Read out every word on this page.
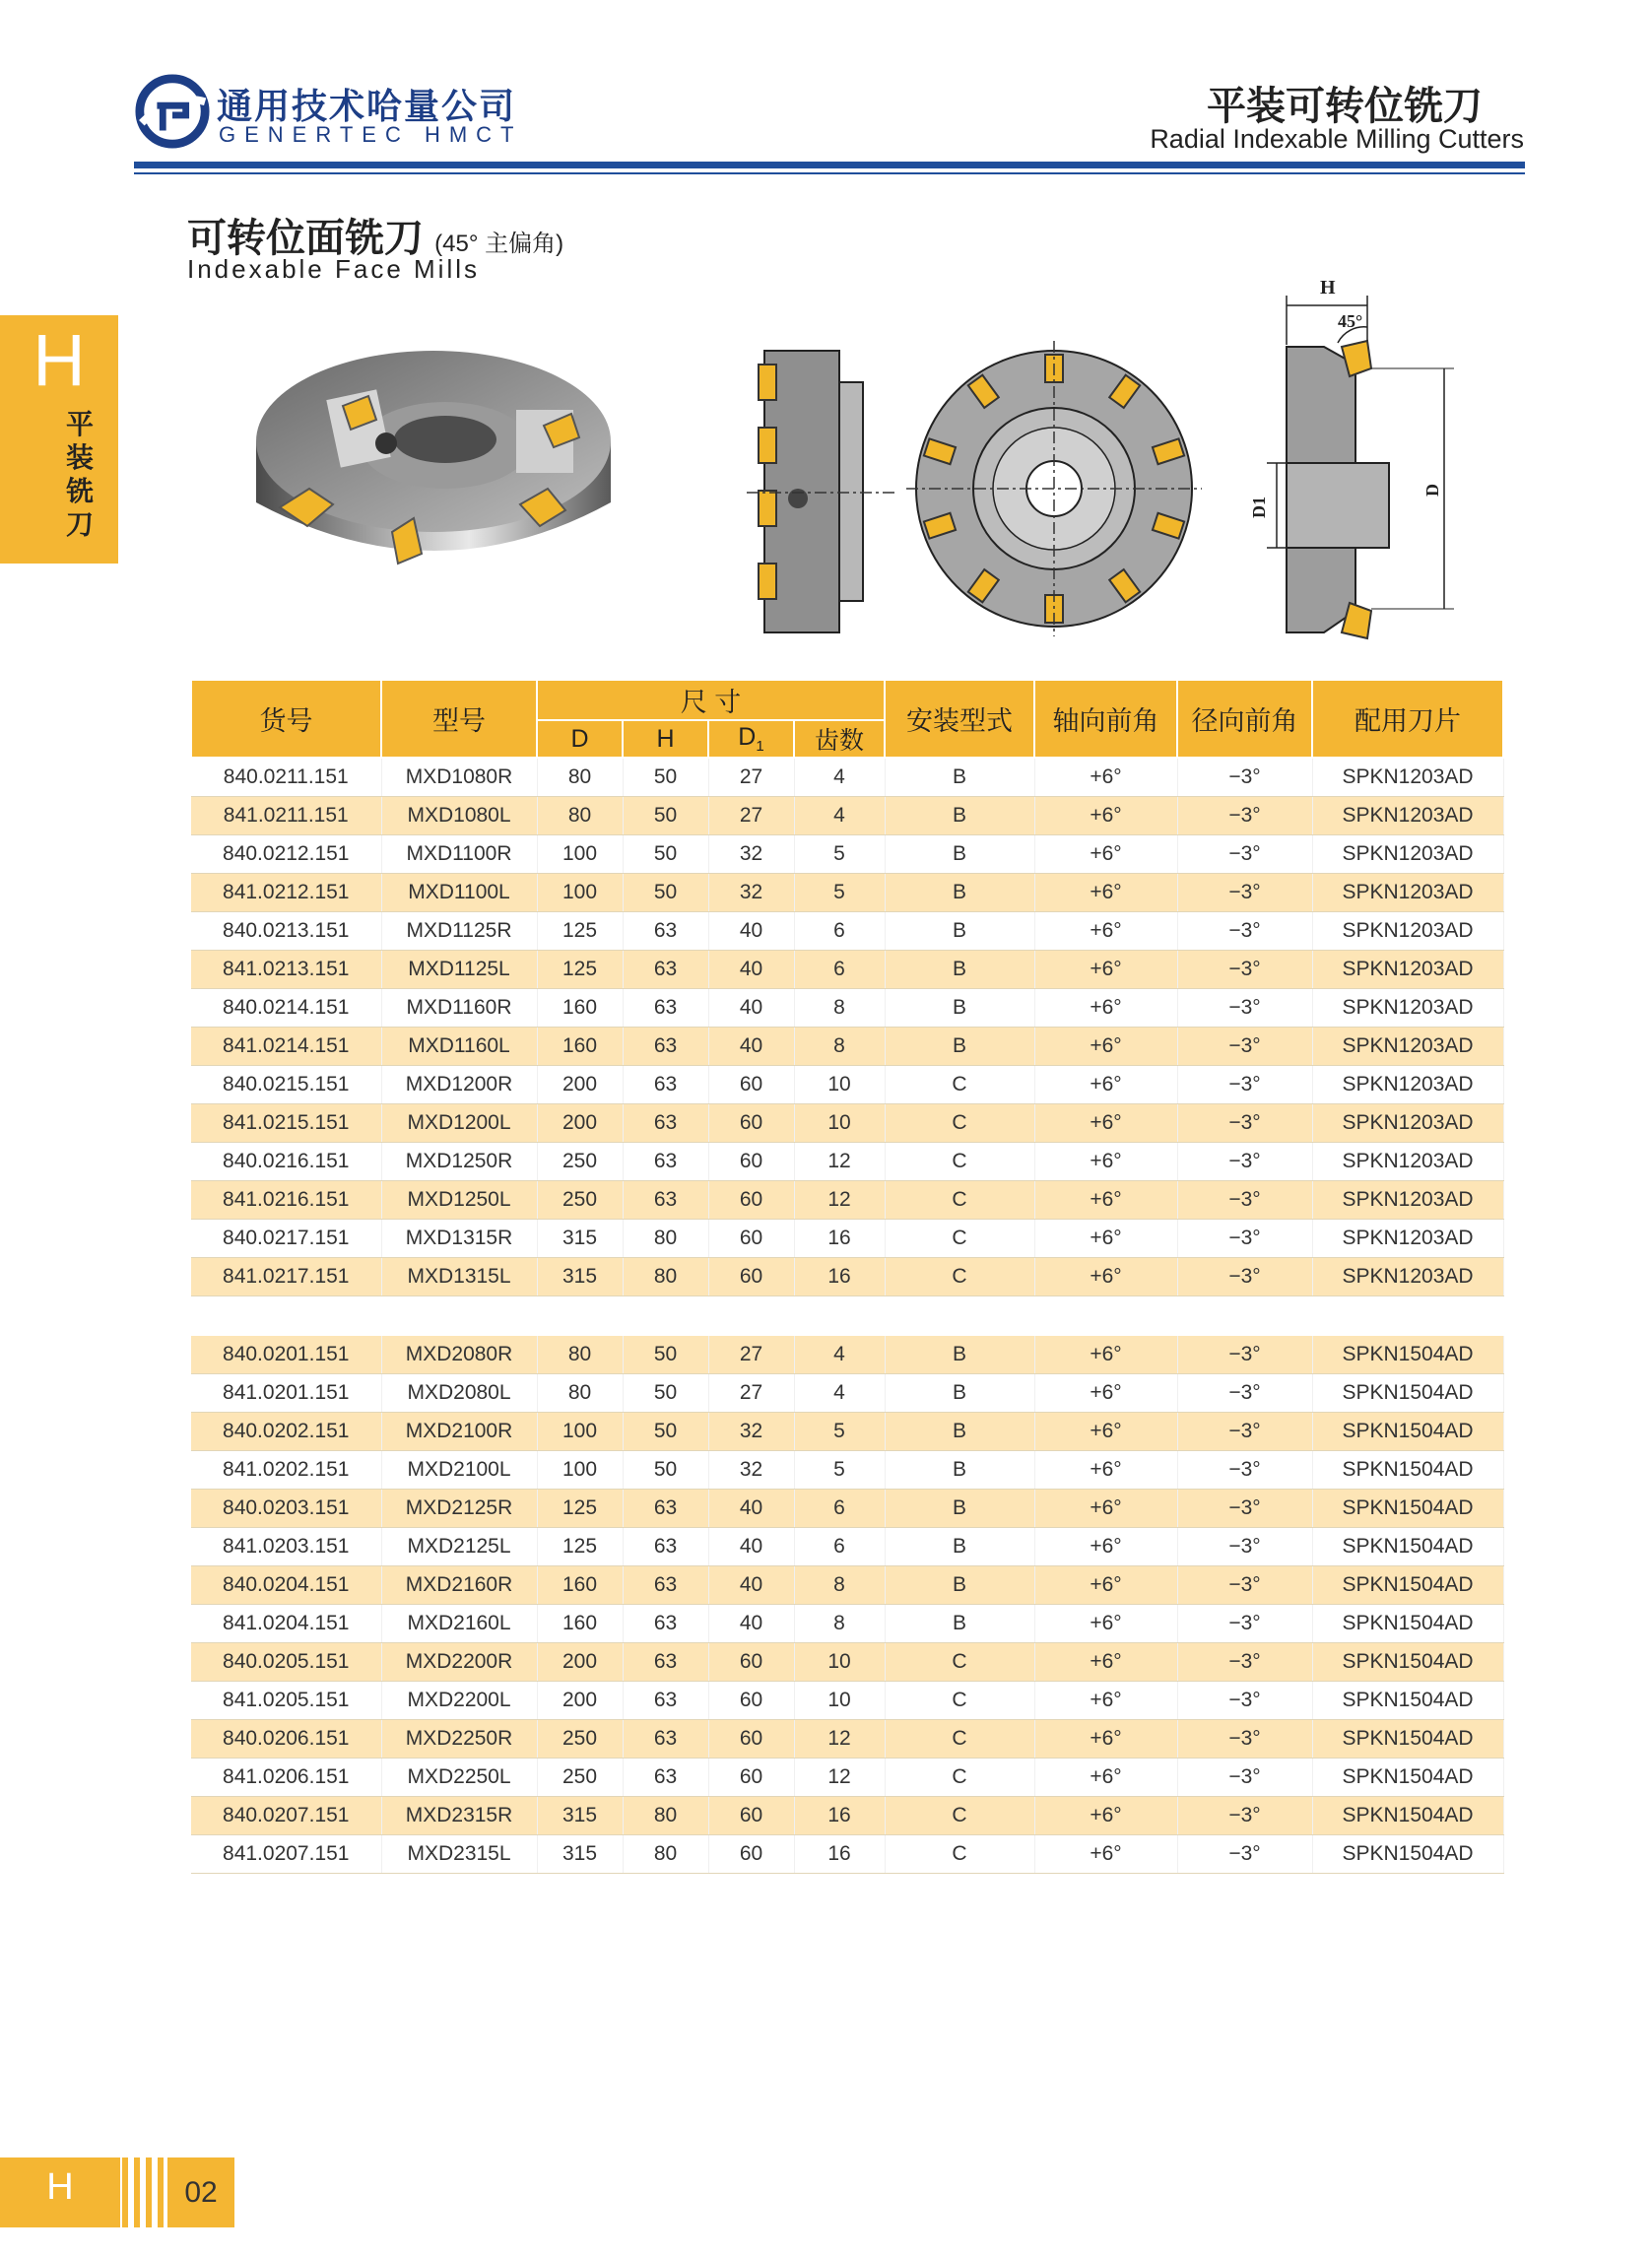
通用技术哈量公司
GENERTEC HMCT
平装可转位铣刀
Radial Indexable Milling Cutters
H
平装铣刀
可转位面铣刀 (45° 主偏角)
Indexable Face Mills
H
45°
D1
D
货号	型号	尺 寸				安装型式	轴向前角	径向前角	配用刀片
		D	H	$D_1$	齿数				
840.0211.151	MXD1080R	80	50	27	4	B	+6°	−3°	SPKN1203AD
841.0211.151	MXD1080L	80	50	27	4	B	+6°	−3°	SPKN1203AD
840.0212.151	MXD1100R	100	50	32	5	B	+6°	−3°	SPKN1203AD
841.0212.151	MXD1100L	100	50	32	5	B	+6°	−3°	SPKN1203AD
840.0213.151	MXD1125R	125	63	40	6	B	+6°	−3°	SPKN1203AD
841.0213.151	MXD1125L	125	63	40	6	B	+6°	−3°	SPKN1203AD
840.0214.151	MXD1160R	160	63	40	8	B	+6°	−3°	SPKN1203AD
841.0214.151	MXD1160L	160	63	40	8	B	+6°	−3°	SPKN1203AD
840.0215.151	MXD1200R	200	63	60	10	C	+6°	−3°	SPKN1203AD
841.0215.151	MXD1200L	200	63	60	10	C	+6°	−3°	SPKN1203AD
840.0216.151	MXD1250R	250	63	60	12	C	+6°	−3°	SPKN1203AD
841.0216.151	MXD1250L	250	63	60	12	C	+6°	−3°	SPKN1203AD
840.0217.151	MXD1315R	315	80	60	16	C	+6°	−3°	SPKN1203AD
841.0217.151	MXD1315L	315	80	60	16	C	+6°	−3°	SPKN1203AD

840.0201.151	MXD2080R	80	50	27	4	B	+6°	−3°	SPKN1504AD
841.0201.151	MXD2080L	80	50	27	4	B	+6°	−3°	SPKN1504AD
840.0202.151	MXD2100R	100	50	32	5	B	+6°	−3°	SPKN1504AD
841.0202.151	MXD2100L	100	50	32	5	B	+6°	−3°	SPKN1504AD
840.0203.151	MXD2125R	125	63	40	6	B	+6°	−3°	SPKN1504AD
841.0203.151	MXD2125L	125	63	40	6	B	+6°	−3°	SPKN1504AD
840.0204.151	MXD2160R	160	63	40	8	B	+6°	−3°	SPKN1504AD
841.0204.151	MXD2160L	160	63	40	8	B	+6°	−3°	SPKN1504AD
840.0205.151	MXD2200R	200	63	60	10	C	+6°	−3°	SPKN1504AD
841.0205.151	MXD2200L	200	63	60	10	C	+6°	−3°	SPKN1504AD
840.0206.151	MXD2250R	250	63	60	12	C	+6°	−3°	SPKN1504AD
841.0206.151	MXD2250L	250	63	60	12	C	+6°	−3°	SPKN1504AD
840.0207.151	MXD2315R	315	80	60	16	C	+6°	−3°	SPKN1504AD
841.0207.151	MXD2315L	315	80	60	16	C	+6°	−3°	SPKN1504AD
H	02
